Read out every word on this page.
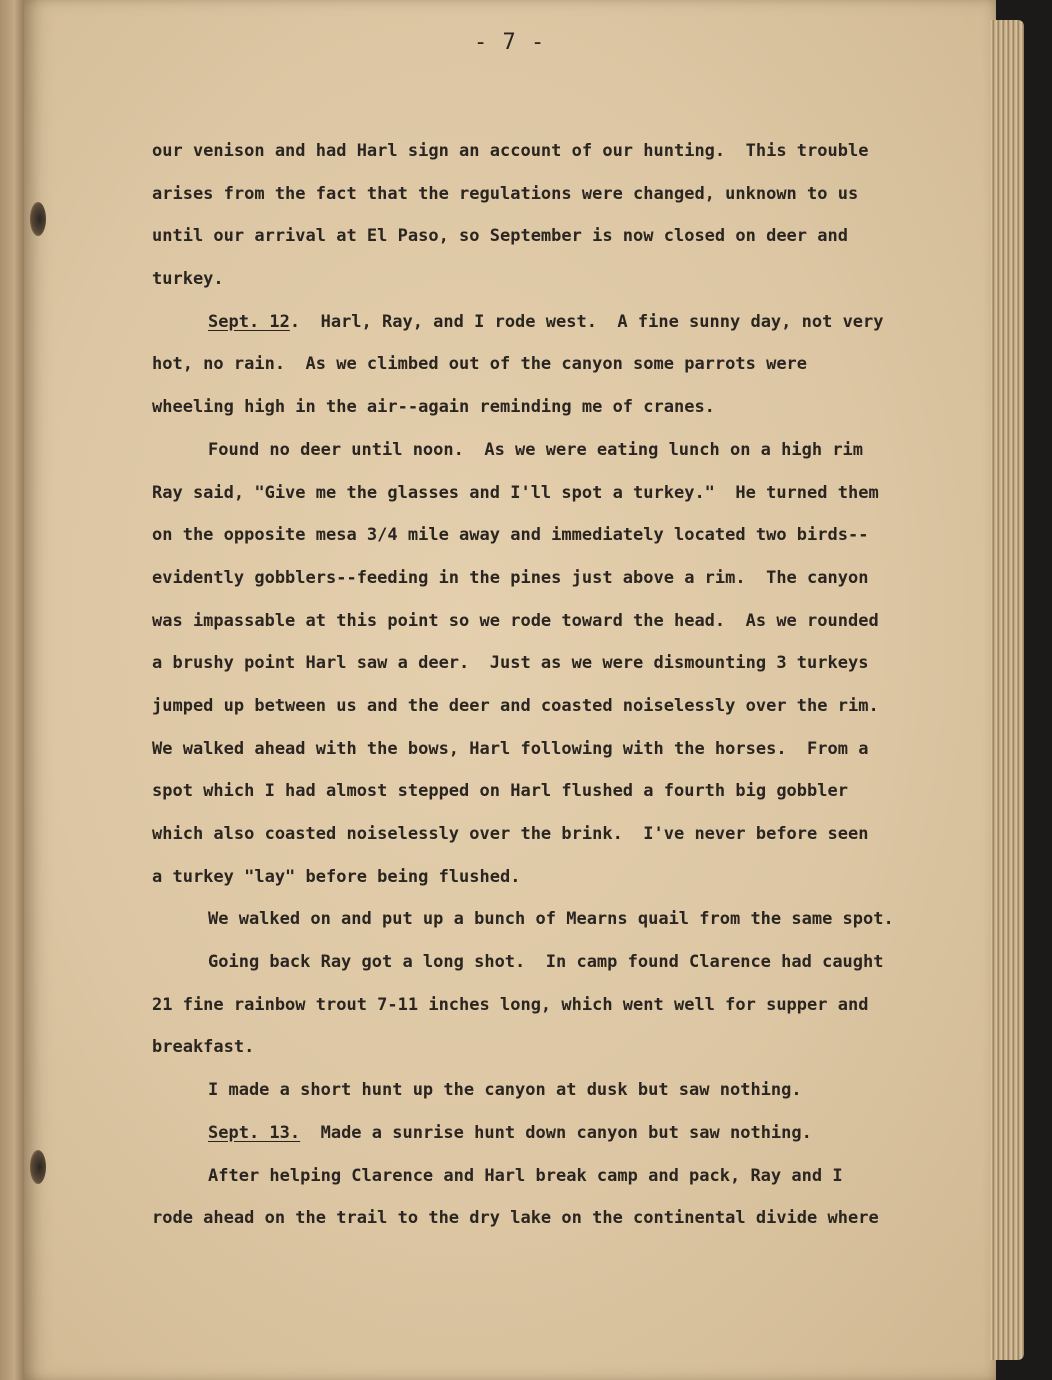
- 7 -
our venison and had Harl sign an account of our hunting.  This trouble
arises from the fact that the regulations were changed, unknown to us
until our arrival at El Paso, so September is now closed on deer and
turkey.
Sept. 12.  Harl, Ray, and I rode west.  A fine sunny day, not very
hot, no rain.  As we climbed out of the canyon some parrots were
wheeling high in the air--again reminding me of cranes.
Found no deer until noon.  As we were eating lunch on a high rim
Ray said, "Give me the glasses and I'll spot a turkey."  He turned them
on the opposite mesa 3/4 mile away and immediately located two birds--
evidently gobblers--feeding in the pines just above a rim.  The canyon
was impassable at this point so we rode toward the head.  As we rounded
a brushy point Harl saw a deer.  Just as we were dismounting 3 turkeys
jumped up between us and the deer and coasted noiselessly over the rim.
We walked ahead with the bows, Harl following with the horses.  From a
spot which I had almost stepped on Harl flushed a fourth big gobbler
which also coasted noiselessly over the brink.  I've never before seen
a turkey "lay" before being flushed.
We walked on and put up a bunch of Mearns quail from the same spot.
Going back Ray got a long shot.  In camp found Clarence had caught
21 fine rainbow trout 7-11 inches long, which went well for supper and
breakfast.
I made a short hunt up the canyon at dusk but saw nothing.
Sept. 13.  Made a sunrise hunt down canyon but saw nothing.
After helping Clarence and Harl break camp and pack, Ray and I
rode ahead on the trail to the dry lake on the continental divide where
